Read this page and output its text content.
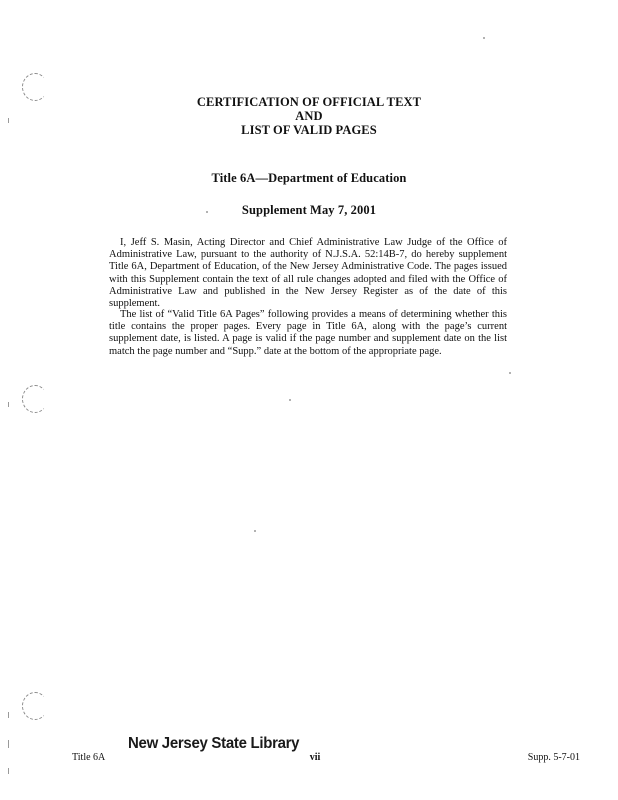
CERTIFICATION OF OFFICIAL TEXT
AND
LIST OF VALID PAGES
Title 6A—Department of Education
Supplement May 7, 2001

I, Jeff S. Masin, Acting Director and Chief Administrative Law Judge of the Office of Administrative Law, pursuant to the authority of N.J.S.A. 52:14B-7, do hereby supplement Title 6A, Department of Education, of the New Jersey Administrative Code. The pages issued with this Supplement contain the text of all rule changes adopted and filed with the Office of Administrative Law and published in the New Jersey Register as of the date of this supplement.

The list of “Valid Title 6A Pages” following provides a means of determining whether this title contains the proper pages. Every page in Title 6A, along with the page’s current supplement date, is listed. A page is valid if the page number and supplement date on the list match the page number and “Supp.” date at the bottom of the appropriate page.

New Jersey State Library
Title 6A	vii	Supp. 5-7-01
